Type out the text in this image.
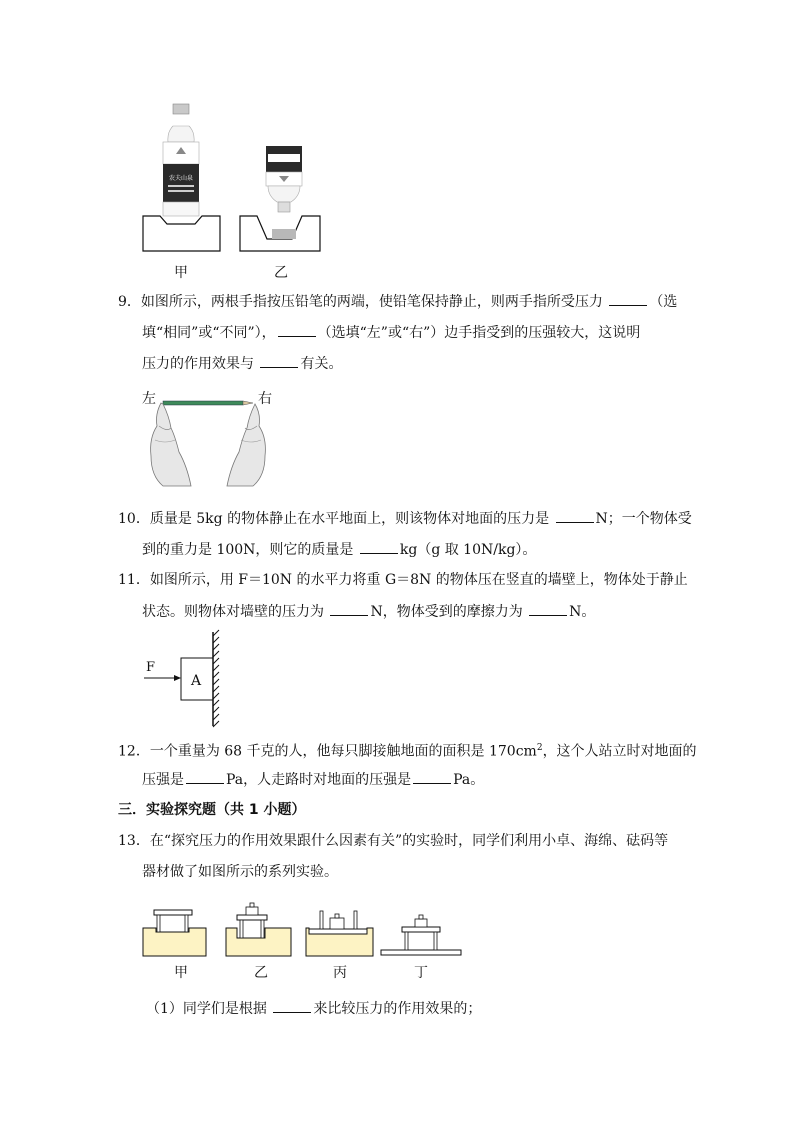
农夫山泉
甲	乙
9．如图所示，两根手指按压铅笔的两端，使铅笔保持静止，则两手指所受压力	（选
填“相同”或“不同”），	（选填“左”或“右”）边手指受到的压强较大，这说明
压力的作用效果与	有关。
左	右
10．质量是 5kg 的物体静止在水平地面上，则该物体对地面的压力是	N；一个物体受
到的重力是 100N，则它的质量是	kg（g 取 10N/kg）。
11．如图所示，用 F＝10N 的水平力将重 G＝8N 的物体压在竖直的墙壁上，物体处于静止
状态。则物体对墙壁的压力为	N，物体受到的摩擦力为	N。
F
A
12．一个重量为 68 千克的人，他每只脚接触地面的面积是 $170cm^2$，这个人站立时对地面的
压强是	Pa，人走路时对地面的压强是	Pa。
三．实验探究题（共 1 小题）
13．在“探究压力的作用效果跟什么因素有关”的实验时，同学们利用小卓、海绵、砝码等
器材做了如图所示的系列实验。
甲	乙	丙	丁
（1）同学们是根据	来比较压力的作用效果的；
